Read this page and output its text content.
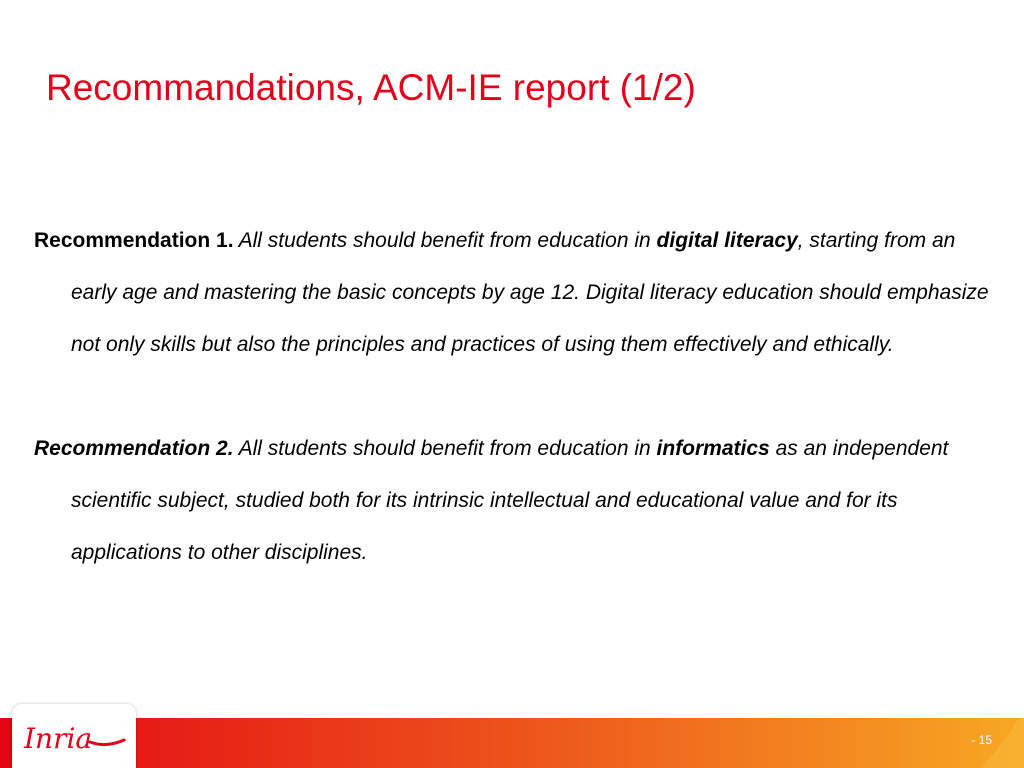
Recommandations, ACM-IE report (1/2)

Recommendation 1. All students should benefit from education in digital literacy, starting from an early age and mastering the basic concepts by age 12. Digital literacy education should emphasize not only skills but also the principles and practices of using them effectively and ethically.

Recommendation 2. All students should benefit from education in informatics as an independent scientific subject, studied both for its intrinsic intellectual and educational value and for its applications to other disciplines.

Inria	- 15
